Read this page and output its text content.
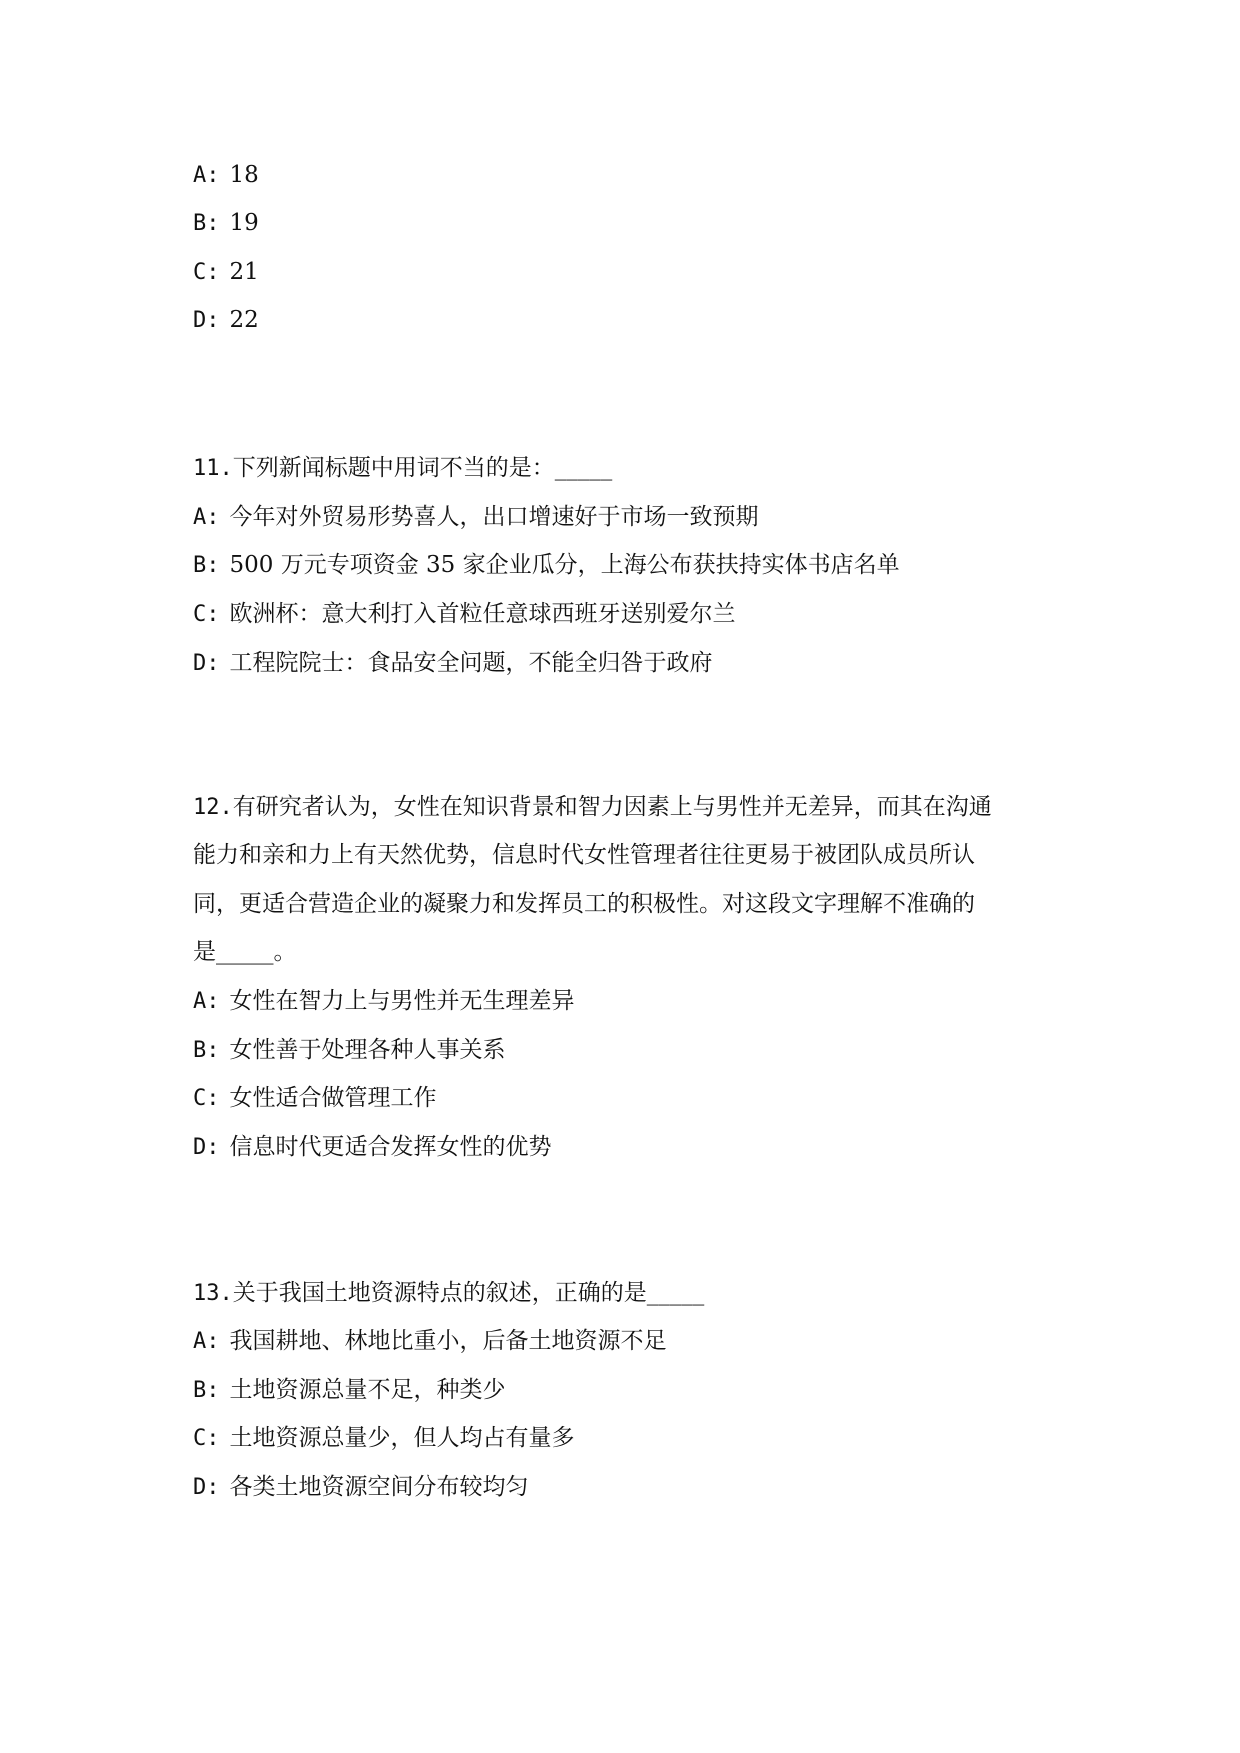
A: 18
B: 19
C: 21
D: 22
11.下列新闻标题中用词不当的是：_____
A: 今年对外贸易形势喜人，出口增速好于市场一致预期
B: 500 万元专项资金 35 家企业瓜分，上海公布获扶持实体书店名单
C: 欧洲杯：意大利打入首粒任意球西班牙送别爱尔兰
D: 工程院院士：食品安全问题，不能全归咎于政府
12.有研究者认为，女性在知识背景和智力因素上与男性并无差异，而其在沟通
能力和亲和力上有天然优势，信息时代女性管理者往往更易于被团队成员所认
同，更适合营造企业的凝聚力和发挥员工的积极性。对这段文字理解不准确的
是_____。
A: 女性在智力上与男性并无生理差异
B: 女性善于处理各种人事关系
C: 女性适合做管理工作
D: 信息时代更适合发挥女性的优势
13.关于我国土地资源特点的叙述，正确的是_____
A: 我国耕地、林地比重小，后备土地资源不足
B: 土地资源总量不足，种类少
C: 土地资源总量少，但人均占有量多
D: 各类土地资源空间分布较均匀
